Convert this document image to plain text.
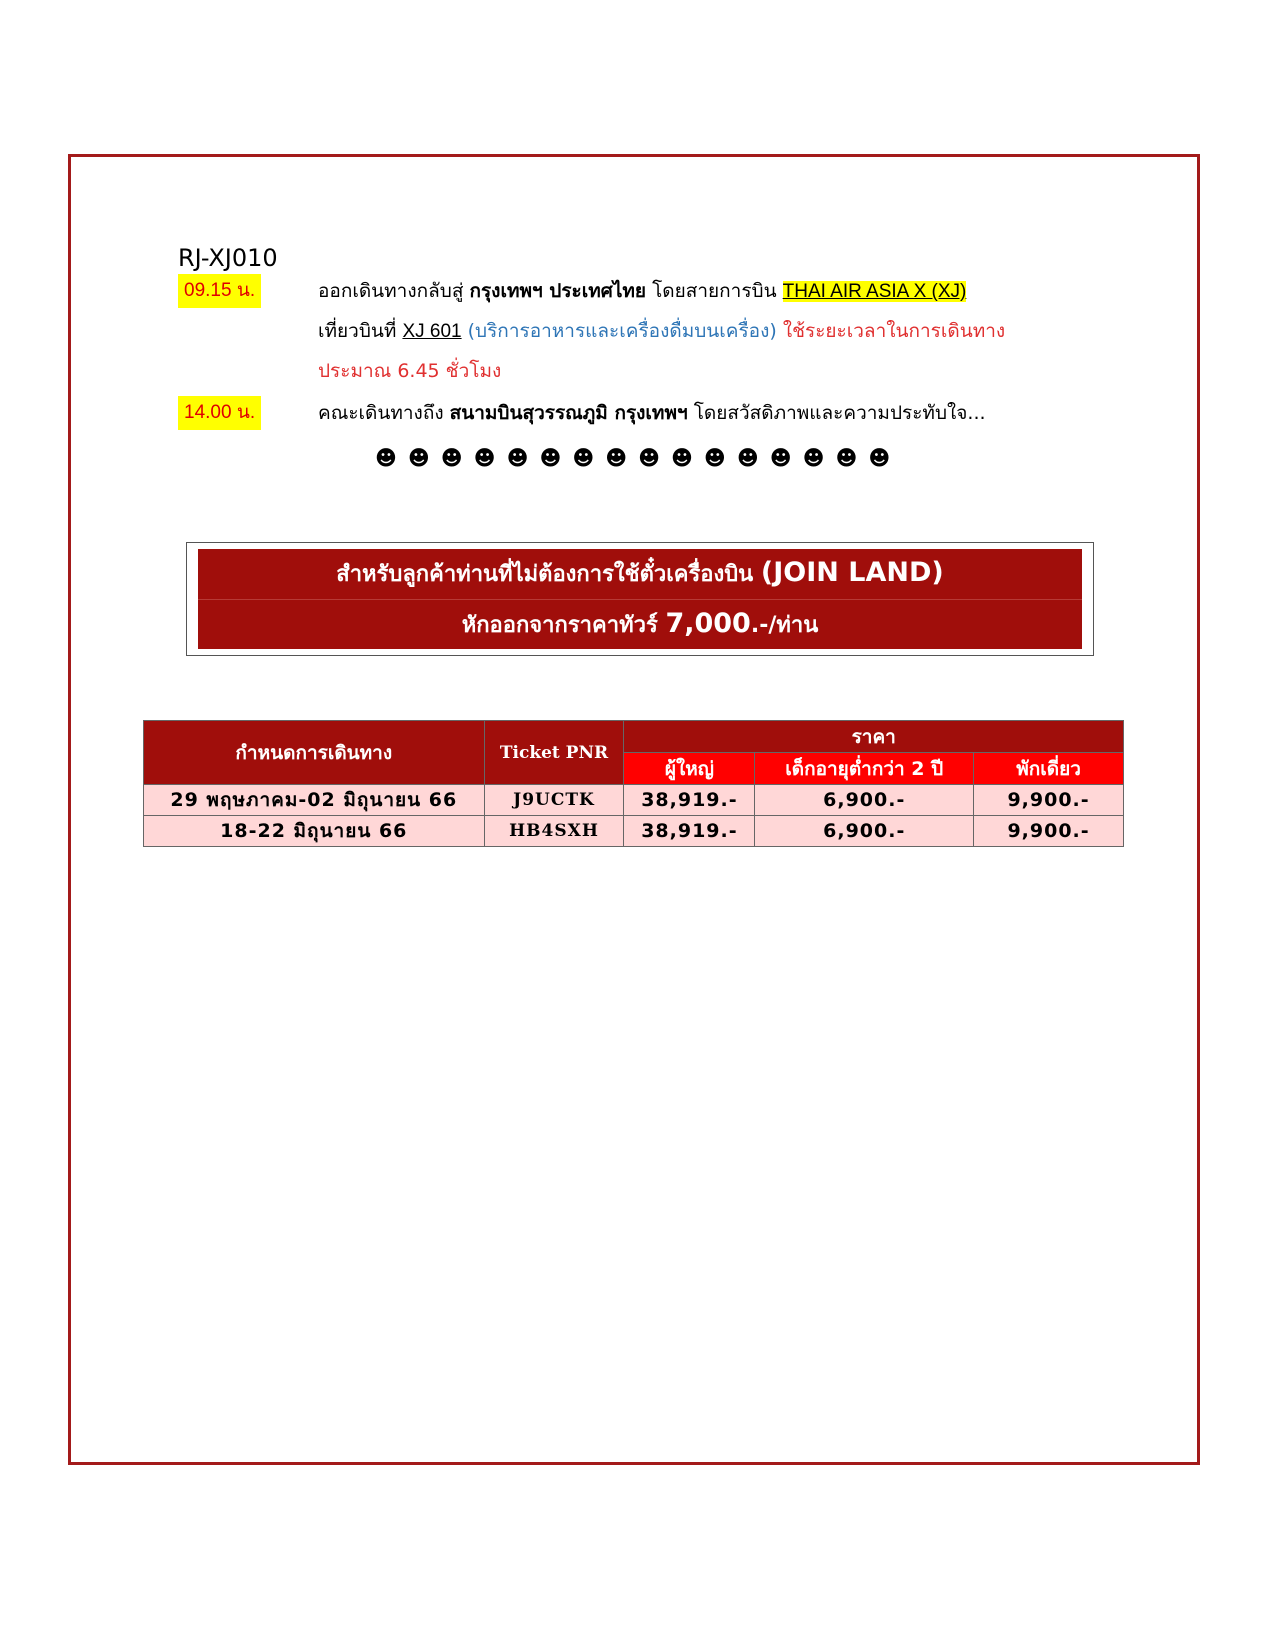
RJ-XJ010
09.15 น.	ออกเดินทางกลับสู่ กรุงเทพฯ ประเทศไทย โดยสายการบิน THAI AIR ASIA X (XJ)
เที่ยวบินที่ XJ 601 (บริการอาหารและเครื่องดื่มบนเครื่อง) ใช้ระยะเวลาในการเดินทาง
ประมาณ 6.45 ชั่วโมง
14.00 น.	คณะเดินทางถึง สนามบินสุวรรณภูมิ กรุงเทพฯ โดยสวัสดิภาพและความประทับใจ...
☻☻☻☻☻☻☻☻☻☻☻☻☻☻☻☻
สำหรับลูกค้าท่านที่ไม่ต้องการใช้ตั๋วเครื่องบิน (JOIN LAND)
หักออกจากราคาทัวร์ 7,000.-/ท่าน
กำหนดการเดินทาง	Ticket PNR	ราคา		
		ผู้ใหญ่	เด็กอายุต่ำกว่า 2 ปี	พักเดี่ยว
29 พฤษภาคม-02 มิถุนายน 66	J9UCTK	38,919.-	6,900.-	9,900.-
18-22 มิถุนายน 66	HB4SXH	38,919.-	6,900.-	9,900.-
